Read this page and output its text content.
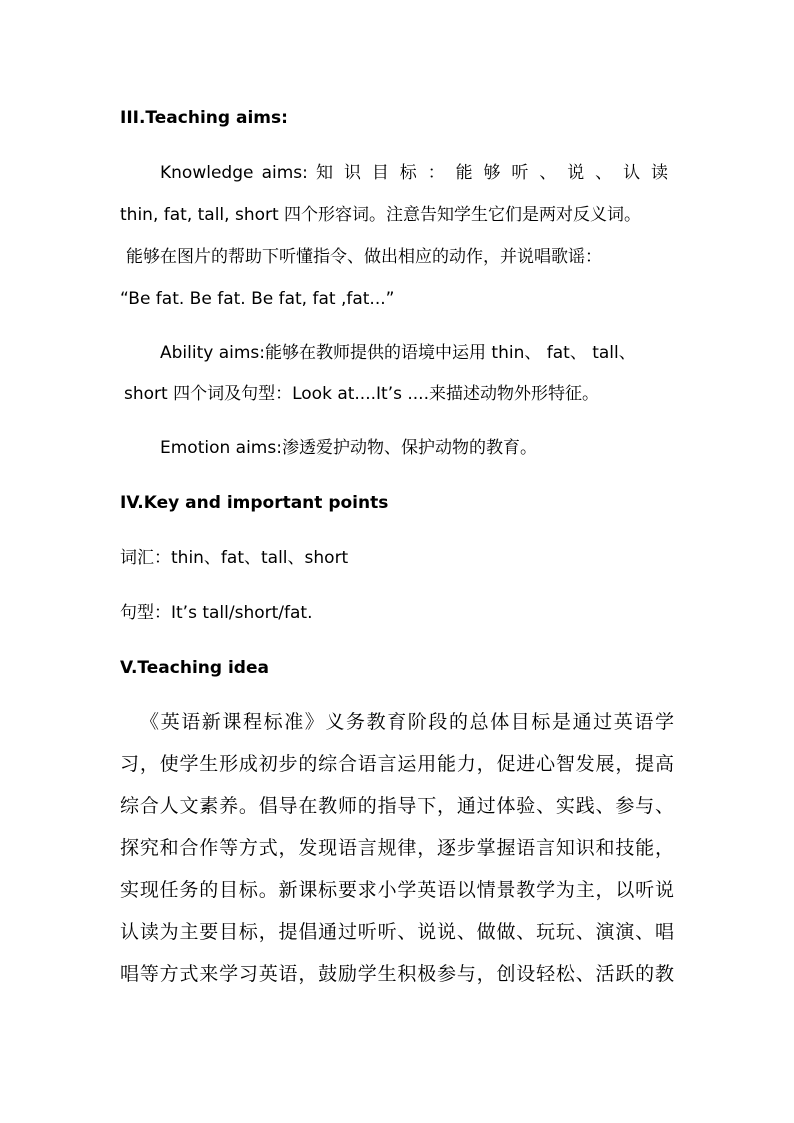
III.Teaching aims:
Knowledge aims: 知 识 目 标 ： 能 够 听 、 说 、 认 读
thin, fat, tall, short 四个形容词。注意告知学生它们是两对反义词。
能够在图片的帮助下听懂指令、做出相应的动作，并说唱歌谣：
“Be fat. Be fat. Be fat, fat ,fat...”
Ability aims:能够在教师提供的语境中运用 thin、 fat、 tall、
short 四个词及句型：Look at....It’s ....来描述动物外形特征。
Emotion aims:渗透爱护动物、保护动物的教育。
IV.Key and important points
词汇：thin、fat、tall、short
句型：It’s tall/short/fat.
V.Teaching idea
《英语新课程标准》义务教育阶段的总体目标是通过英语学
习，使学生形成初步的综合语言运用能力，促进心智发展，提高
综合人文素养。倡导在教师的指导下，通过体验、实践、参与、
探究和合作等方式，发现语言规律，逐步掌握语言知识和技能，
实现任务的目标。新课标要求小学英语以情景教学为主，以听说
认读为主要目标，提倡通过听听、说说、做做、玩玩、演演、唱
唱等方式来学习英语，鼓励学生积极参与，创设轻松、活跃的教
